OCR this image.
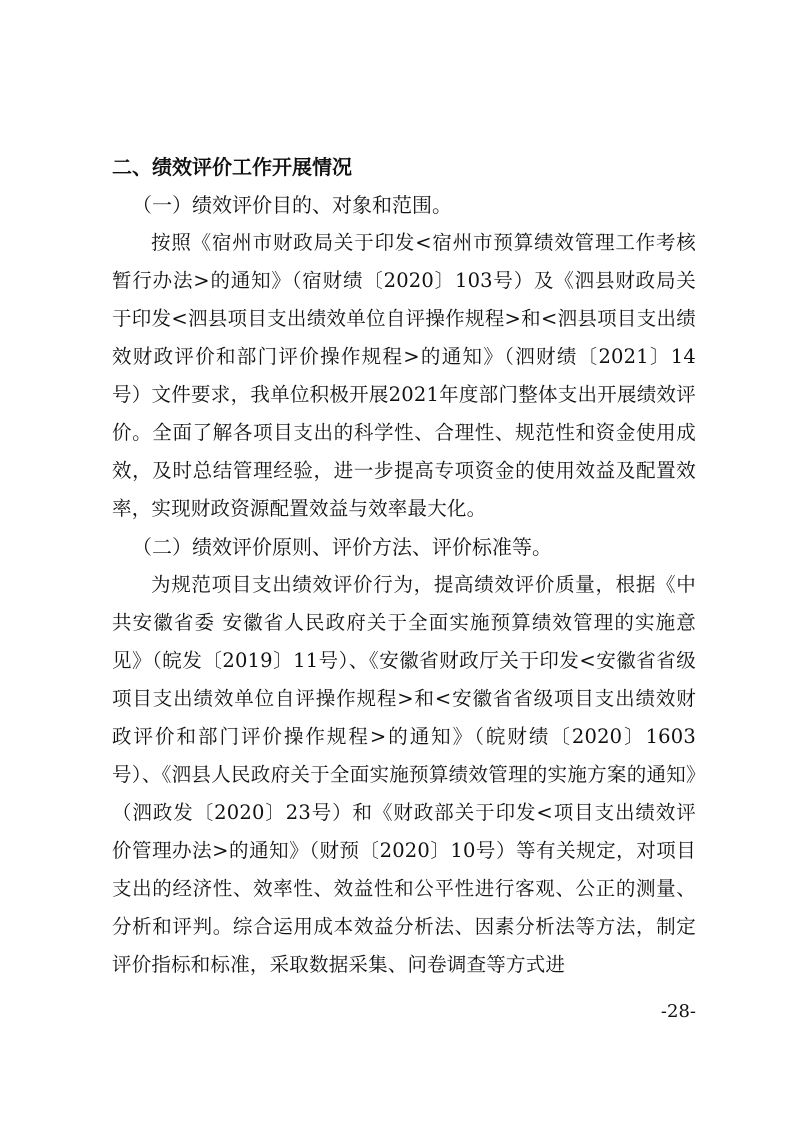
二、绩效评价工作开展情况

（一）绩效评价目的、对象和范围。

按照《宿州市财政局关于印发<宿州市预算绩效管理工作考核暂行办法>的通知》（宿财绩〔2020〕103号）及《泗县财政局关于印发<泗县项目支出绩效单位自评操作规程>和<泗县项目支出绩效财政评价和部门评价操作规程>的通知》（泗财绩〔2021〕14号）文件要求，我单位积极开展2021年度部门整体支出开展绩效评价。全面了解各项目支出的科学性、合理性、规范性和资金使用成效，及时总结管理经验，进一步提高专项资金的使用效益及配置效率，实现财政资源配置效益与效率最大化。

（二）绩效评价原则、评价方法、评价标准等。

为规范项目支出绩效评价行为，提高绩效评价质量，根据《中共安徽省委 安徽省人民政府关于全面实施预算绩效管理的实施意见》（皖发〔2019〕11号）、《安徽省财政厅关于印发<安徽省省级项目支出绩效单位自评操作规程>和<安徽省省级项目支出绩效财政评价和部门评价操作规程>的通知》（皖财绩〔2020〕1603号）、《泗县人民政府关于全面实施预算绩效管理的实施方案的通知》（泗政发〔2020〕23号）和《财政部关于印发<项目支出绩效评价管理办法>的通知》（财预〔2020〕10号）等有关规定，对项目支出的经济性、效率性、效益性和公平性进行客观、公正的测量、分析和评判。综合运用成本效益分析法、因素分析法等方法，制定评价指标和标准，采取数据采集、问卷调查等方式进

-28-
